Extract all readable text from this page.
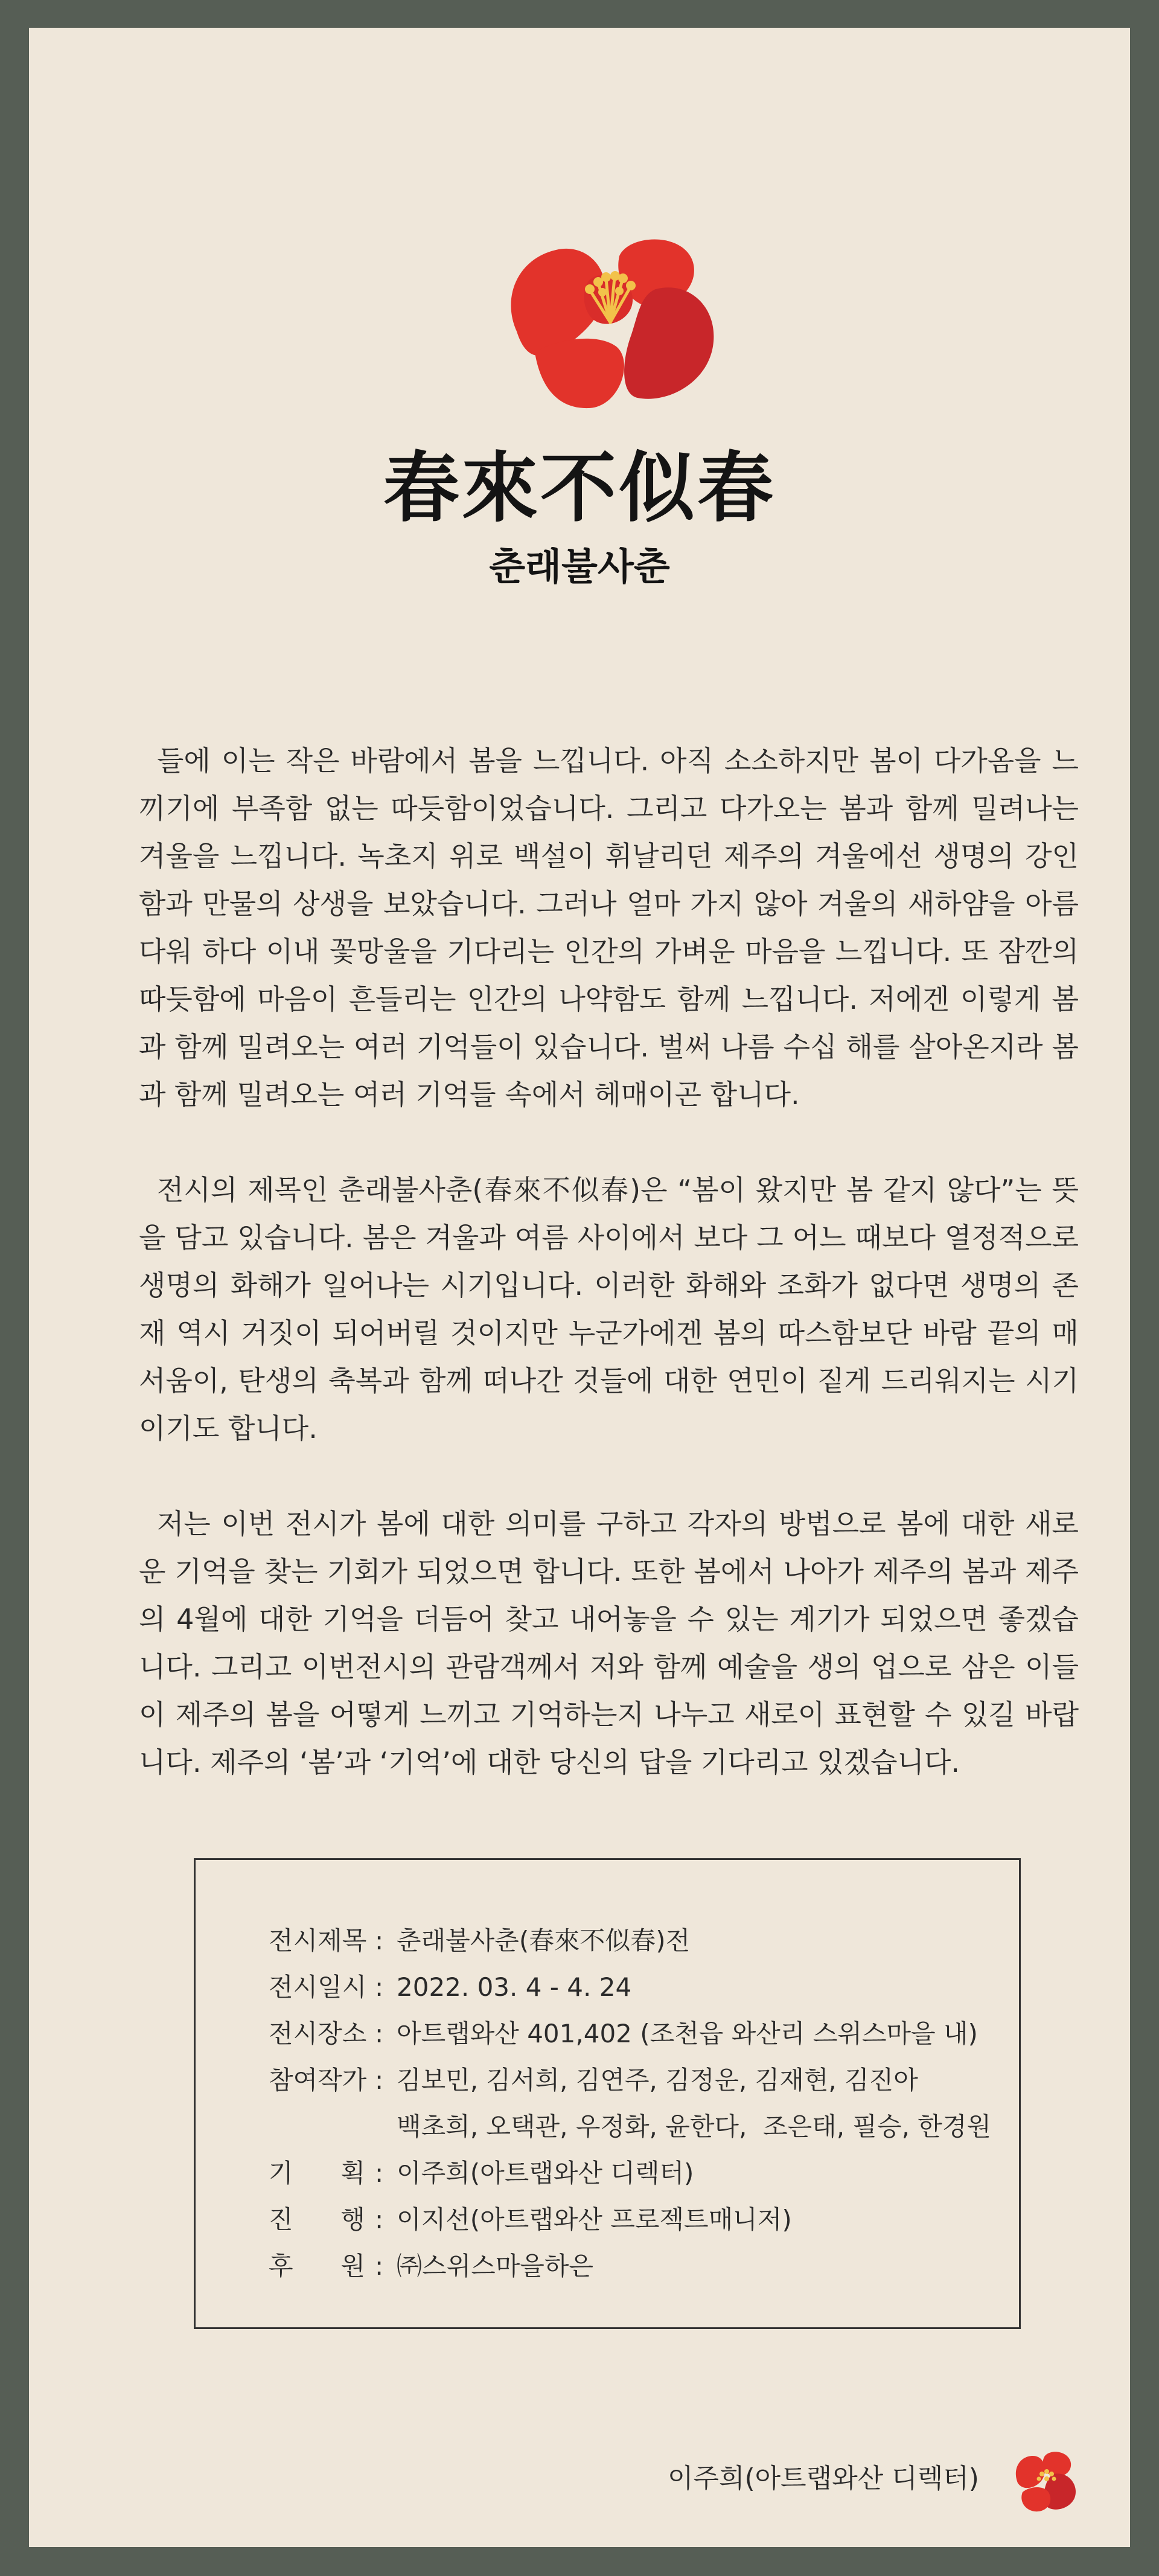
春來不似春
춘래불사춘

들에 이는 작은 바람에서 봄을 느낍니다. 아직 소소하지만 봄이 다가옴을 느끼기에 부족함 없는 따듯함이었습니다. 그리고 다가오는 봄과 함께 밀려나는 겨울을 느낍니다. 녹초지 위로 백설이 휘날리던 제주의 겨울에선 생명의 강인함과 만물의 상생을 보았습니다. 그러나 얼마 가지 않아 겨울의 새하얌을 아름다워 하다 이내 꽃망울을 기다리는 인간의 가벼운 마음을 느낍니다. 또 잠깐의 따듯함에 마음이 흔들리는 인간의 나약함도 함께 느낍니다. 저에겐 이렇게 봄과 함께 밀려오는 여러 기억들이 있습니다. 벌써 나름 수십 해를 살아온지라 봄과 함께 밀려오는 여러 기억들 속에서 헤매이곤 합니다.

전시의 제목인 춘래불사춘(春來不似春)은 “봄이 왔지만 봄 같지 않다”는 뜻을 담고 있습니다. 봄은 겨울과 여름 사이에서 보다 그 어느 때보다 열정적으로 생명의 화해가 일어나는 시기입니다. 이러한 화해와 조화가 없다면 생명의 존재 역시 거짓이 되어버릴 것이지만 누군가에겐 봄의 따스함보단 바람 끝의 매서움이, 탄생의 축복과 함께 떠나간 것들에 대한 연민이 짙게 드리워지는 시기이기도 합니다.

저는 이번 전시가 봄에 대한 의미를 구하고 각자의 방법으로 봄에 대한 새로운 기억을 찾는 기회가 되었으면 합니다. 또한 봄에서 나아가 제주의 봄과 제주의 4월에 대한 기억을 더듬어 찾고 내어놓을 수 있는 계기가 되었으면 좋겠습니다. 그리고 이번전시의 관람객께서 저와 함께 예술을 생의 업으로 삼은 이들이 제주의 봄을 어떻게 느끼고 기억하는지 나누고 새로이 표현할 수 있길 바랍니다. 제주의 ‘봄’과 ‘기억’에 대한 당신의 답을 기다리고 있겠습니다.

전시제목 : 춘래불사춘(春來不似春)전
전시일시 : 2022. 03. 4 - 4. 24
전시장소 : 아트랩와산 401,402 (조천읍 와산리 스위스마을 내)
참여작가 : 김보민, 김서희, 김연주, 김정운, 김재현, 김진아
백초희, 오택관, 우정화, 윤한다,  조은태, 필승, 한경원
기 획 : 이주희(아트랩와산 디렉터)
진 행 : 이지선(아트랩와산 프로젝트매니저)
후 원 : ㈜스위스마을하은
이주희(아트랩와산 디렉터)
